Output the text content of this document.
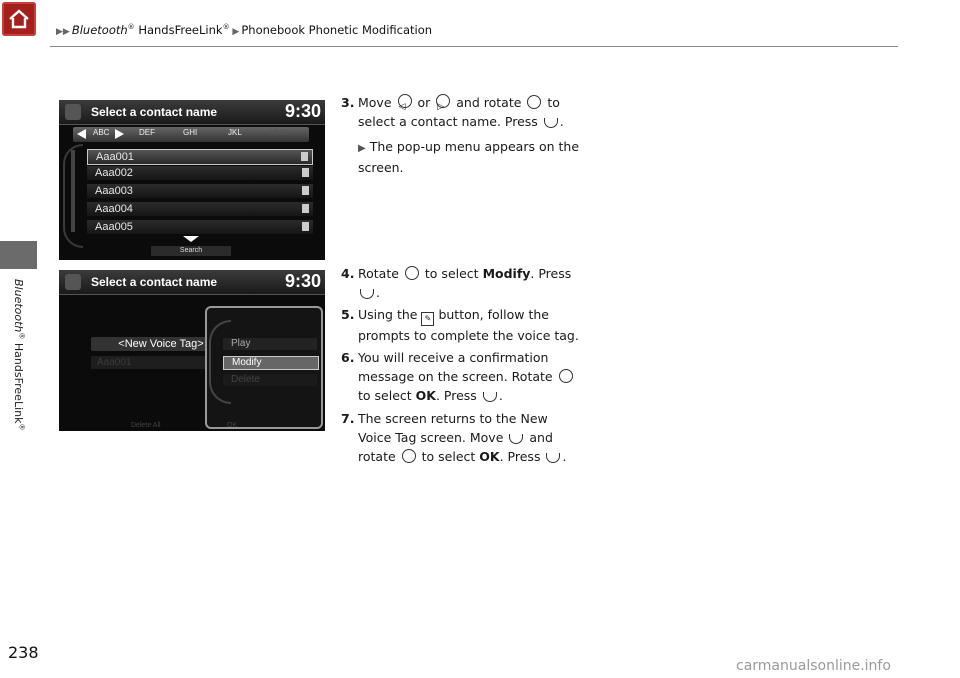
▶▶ Bluetooth® HandsFreeLink® ▶ Phonebook Phonetic Modification
Bluetooth® HandsFreeLink®
Select a contact name	9:30
ABC	DEF	GHI	JKL	MNO
Aaa001
Aaa002
Aaa003
Aaa004
Aaa005
Search
Select a contact name	9:30
<New Voice Tag>
Aaa001
Play
Modify
Delete
Delete All	OK
3. Move ◁ or ▷ and rotate to select a contact name. Press .
▶ The pop-up menu appears on the screen.
4. Rotate to select Modify. Press .
5. Using the ✎ button, follow the prompts to complete the voice tag.
6. You will receive a confirmation message on the screen. Rotate  to select OK. Press .
7. The screen returns to the New Voice Tag screen. Move and rotate to select OK. Press .
238
carmanualsonline.info
